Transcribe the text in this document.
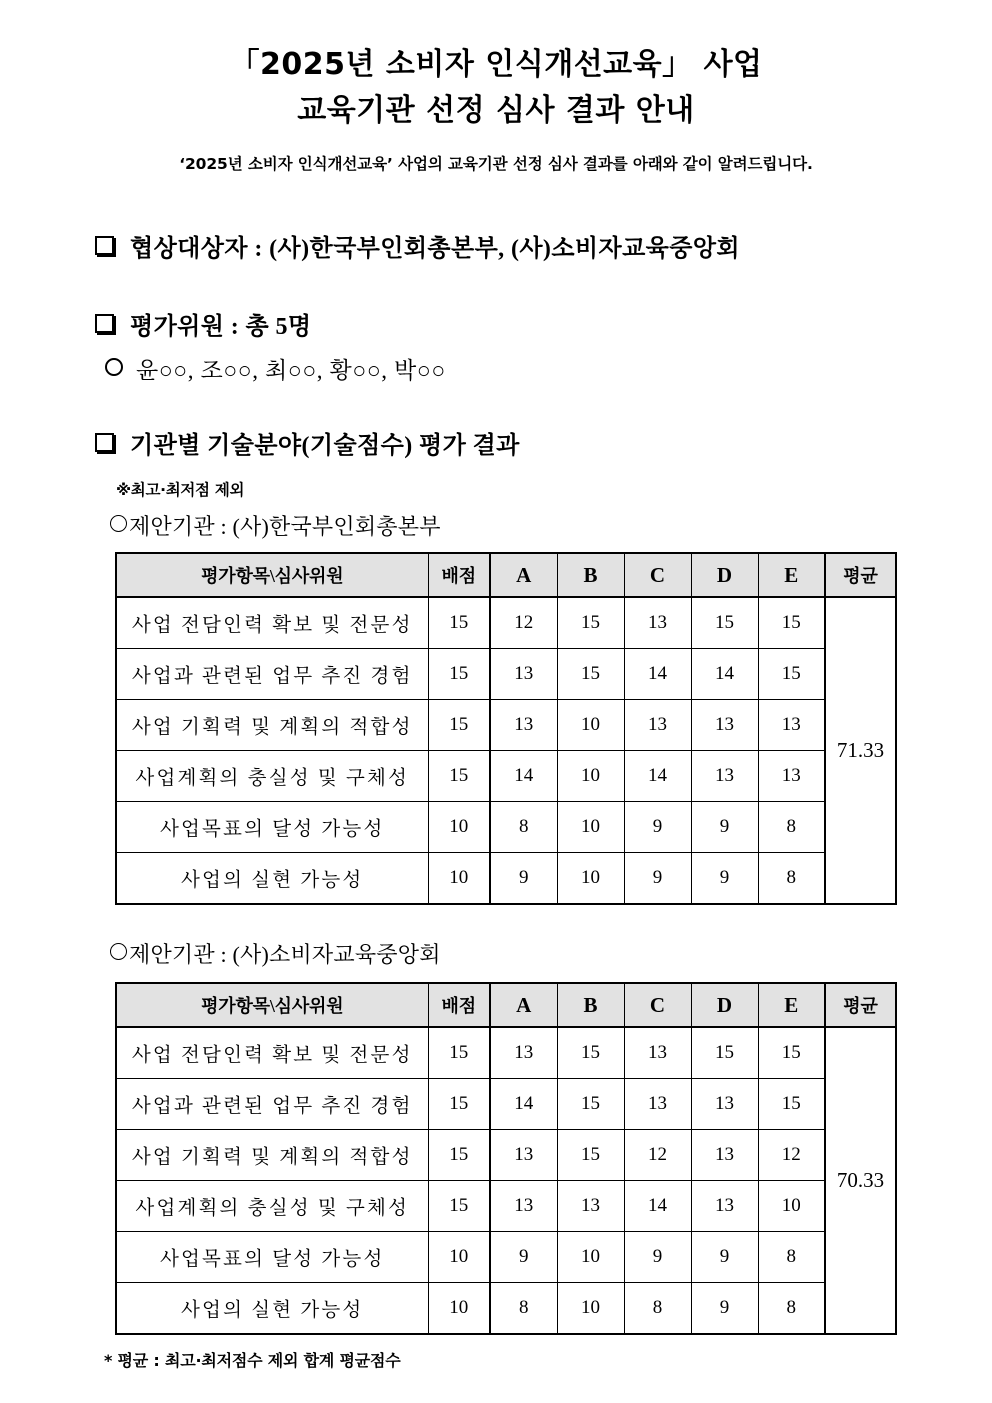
「2025년 소비자 인식개선교육」 사업
교육기관 선정 심사 결과 안내
‘2025년 소비자 인식개선교육’ 사업의 교육기관 선정 심사 결과를 아래와 같이 알려드립니다.
협상대상자 : (사)한국부인회총본부, (사)소비자교육중앙회
평가위원 : 총 5명
윤○○, 조○○, 최○○, 황○○, 박○○
기관별 기술분야(기술점수) 평가 결과
※최고·최저점 제외
제안기관 : (사)한국부인회총본부
평가항목\심사위원	배점	A	B	C	D	E	평균
사업 전담인력 확보 및 전문성	15	12	15	13	15	15	71.33
사업과 관련된 업무 추진 경험	15	13	15	14	14	15	
사업 기획력 및 계획의 적합성	15	13	10	13	13	13	
사업계획의 충실성 및 구체성	15	14	10	14	13	13	
사업목표의 달성 가능성	10	8	10	9	9	8	
사업의 실현 가능성	10	9	10	9	9	8	
제안기관 : (사)소비자교육중앙회
평가항목\심사위원	배점	A	B	C	D	E	평균
사업 전담인력 확보 및 전문성	15	13	15	13	15	15	70.33
사업과 관련된 업무 추진 경험	15	14	15	13	13	15	
사업 기획력 및 계획의 적합성	15	13	15	12	13	12	
사업계획의 충실성 및 구체성	15	13	13	14	13	10	
사업목표의 달성 가능성	10	9	10	9	9	8	
사업의 실현 가능성	10	8	10	8	9	8	
* 평균 : 최고·최저점수 제외 합계 평균점수
